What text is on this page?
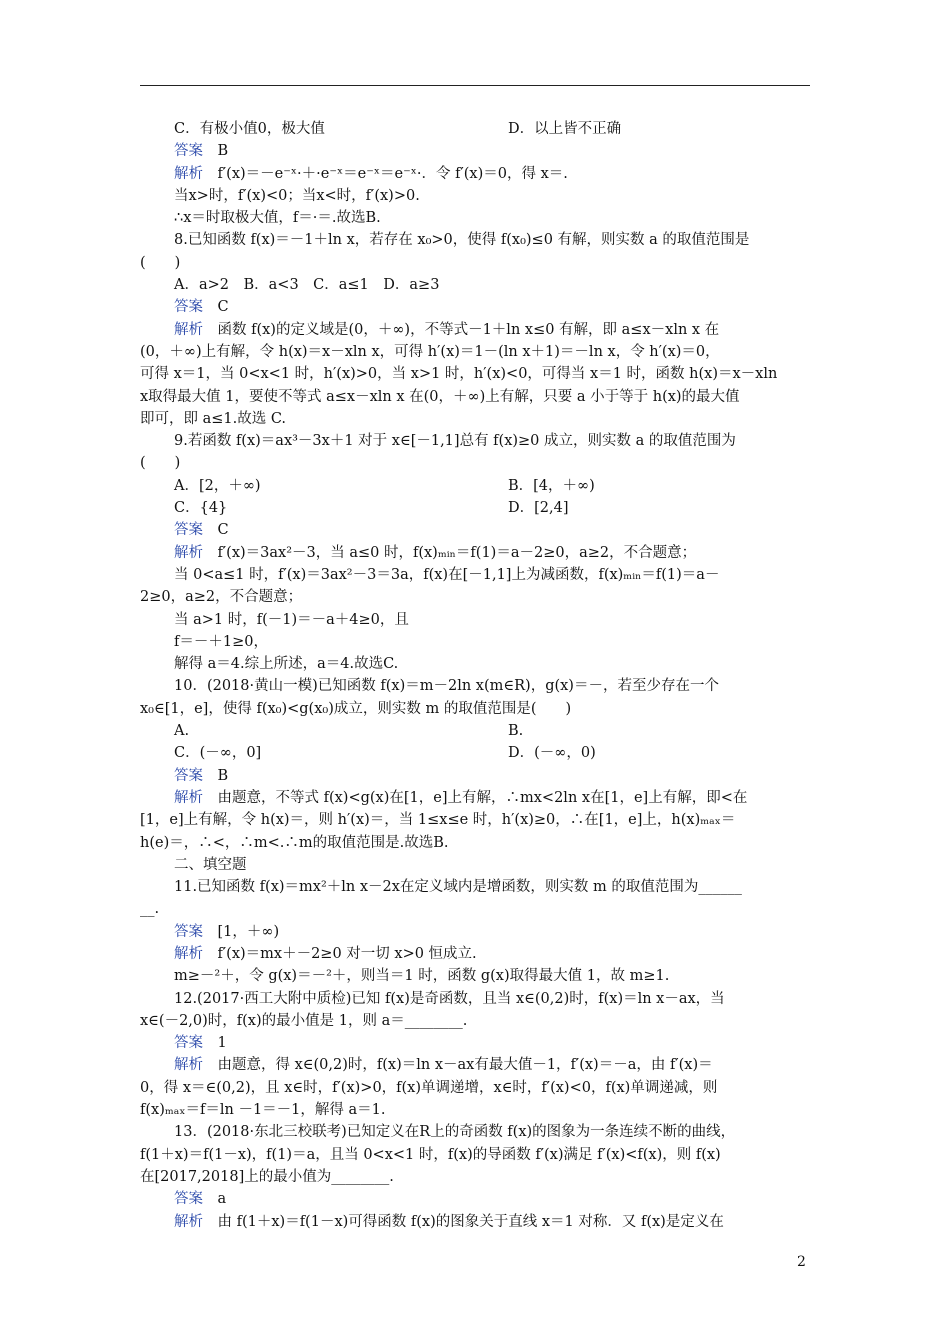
C．有极小值0，极大值	D．以上皆不正确
答案　B
解析　f′(x)＝－e⁻ˣ·＋·e⁻ˣ＝e⁻ˣ＝e⁻ˣ·．令 f′(x)＝0，得 x＝.
当x>时，f′(x)<0；当x<时，f′(x)>0.
∴x＝时取极大值，f＝·＝.故选B.
8.已知函数 f(x)＝－1＋ln x，若存在 x₀>0，使得 f(x₀)≤0 有解，则实数 a 的取值范围是
(　　)
A．a>2　B．a<3　C．a≤1　D．a≥3
答案　C
解析　函数 f(x)的定义域是(0，＋∞)，不等式－1＋ln x≤0 有解，即 a≤x－xln x 在
(0，＋∞)上有解，令 h(x)＝x－xln x，可得 h′(x)＝1－(ln x＋1)＝－ln x，令 h′(x)＝0，
可得 x＝1，当 0<x<1 时，h′(x)>0，当 x>1 时，h′(x)<0，可得当 x＝1 时，函数 h(x)＝x－xln
x取得最大值 1，要使不等式 a≤x－xln x 在(0，＋∞)上有解，只要 a 小于等于 h(x)的最大值
即可，即 a≤1.故选 C.
9.若函数 f(x)＝ax³－3x＋1 对于 x∈[－1,1]总有 f(x)≥0 成立，则实数 a 的取值范围为
(　　)
A．[2，＋∞)	B．[4，＋∞)
C．{4}	D．[2,4]
答案　C
解析　f′(x)＝3ax²－3，当 a≤0 时，f(x)ₘᵢₙ＝f(1)＝a－2≥0，a≥2，不合题意；
当 0<a≤1 时，f′(x)＝3ax²－3＝3a，f(x)在[－1,1]上为减函数，f(x)ₘᵢₙ＝f(1)＝a－
2≥0，a≥2，不合题意；
当 a>1 时，f(－1)＝－a＋4≥0，且
f＝－＋1≥0，
解得 a＝4.综上所述，a＝4.故选C.
10．(2018·黄山一模)已知函数 f(x)＝m－2ln x(m∈R)，g(x)＝－，若至少存在一个
x₀∈[1，e]，使得 f(x₀)<g(x₀)成立，则实数 m 的取值范围是(　　)
A.	B.
C．(－∞，0]	D．(－∞，0)
答案　B
解析　由题意，不等式 f(x)<g(x)在[1，e]上有解，∴mx<2ln x在[1，e]上有解，即<在
[1，e]上有解，令 h(x)＝，则 h′(x)＝，当 1≤x≤e 时，h′(x)≥0，∴在[1，e]上，h(x)ₘₐₓ＝
h(e)＝，∴<，∴m<.∴m的取值范围是.故选B.
二、填空题
11.已知函数 f(x)＝mx²＋ln x－2x在定义域内是增函数，则实数 m 的取值范围为______
__.
答案　[1，＋∞)
解析　f′(x)＝mx＋－2≥0 对一切 x>0 恒成立.
m≥－²＋，令 g(x)＝－²＋，则当＝1 时，函数 g(x)取得最大值 1，故 m≥1.
12.(2017·西工大附中质检)已知 f(x)是奇函数，且当 x∈(0,2)时，f(x)＝ln x－ax，当
x∈(－2,0)时，f(x)的最小值是 1，则 a＝________.
答案　1
解析　由题意，得 x∈(0,2)时，f(x)＝ln x－ax有最大值－1，f′(x)＝－a，由 f′(x)＝
0，得 x＝∈(0,2)，且 x∈时，f′(x)>0，f(x)单调递增，x∈时，f′(x)<0，f(x)单调递减，则
f(x)ₘₐₓ＝f＝ln －1＝－1，解得 a＝1.
13．(2018·东北三校联考)已知定义在R上的奇函数 f(x)的图象为一条连续不断的曲线，
f(1＋x)＝f(1－x)，f(1)＝a，且当 0<x<1 时，f(x)的导函数 f′(x)满足 f′(x)<f(x)，则 f(x)
在[2017,2018]上的最小值为________.
答案　a
解析　由 f(1＋x)＝f(1－x)可得函数 f(x)的图象关于直线 x＝1 对称．又 f(x)是定义在
2
